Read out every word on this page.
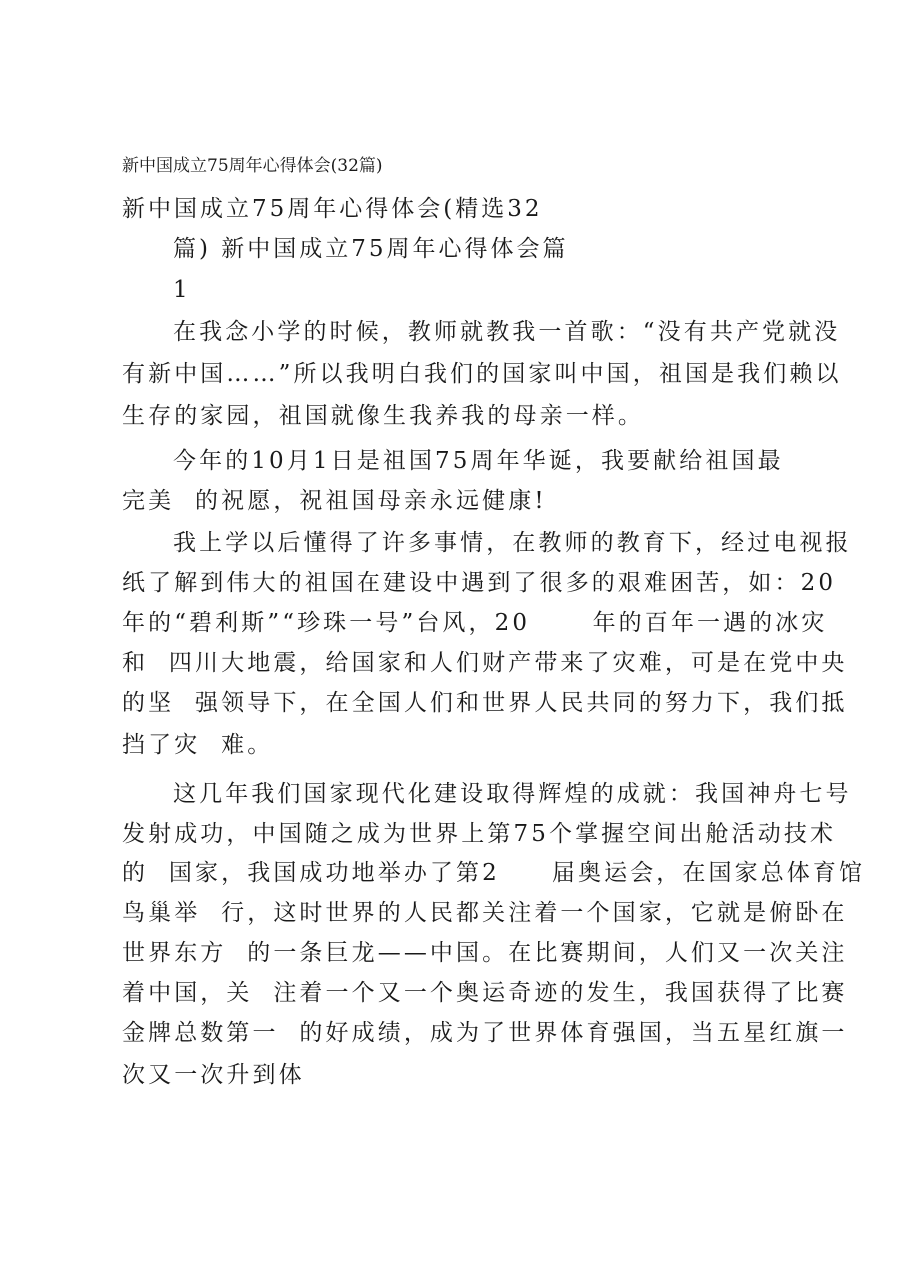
新中国成立75周年心得体会(32篇)

新中国成立75周年心得体会(精选32

篇) 新中国成立75周年心得体会篇

1

在我念小学的时候，教师就教我一首歌：“没有共产党就没

有新中国……”所以我明白我们的国家叫中国，祖国是我们赖以

生存的家园，祖国就像生我养我的母亲一样。

今年的10月1日是祖国75周年华诞，我要献给祖国最

完美  的祝愿，祝祖国母亲永远健康!

我上学以后懂得了许多事情，在教师的教育下，经过电视报

纸了解到伟大的祖国在建设中遇到了很多的艰难困苦，如：20

年的“碧利斯”“珍珠一号”台风，20      年的百年一遇的冰灾

和  四川大地震，给国家和人们财产带来了灾难，可是在党中央

的坚  强领导下，在全国人们和世界人民共同的努力下，我们抵

挡了灾  难。

这几年我们国家现代化建设取得辉煌的成就：我国神舟七号

发射成功，中国随之成为世界上第75个掌握空间出舱活动技术

的  国家，我国成功地举办了第2     届奥运会，在国家总体育馆

鸟巢举  行，这时世界的人民都关注着一个国家，它就是俯卧在

世界东方  的一条巨龙——中国。在比赛期间，人们又一次关注

着中国，关  注着一个又一个奥运奇迹的发生，我国获得了比赛

金牌总数第一  的好成绩，成为了世界体育强国，当五星红旗一

次又一次升到体
